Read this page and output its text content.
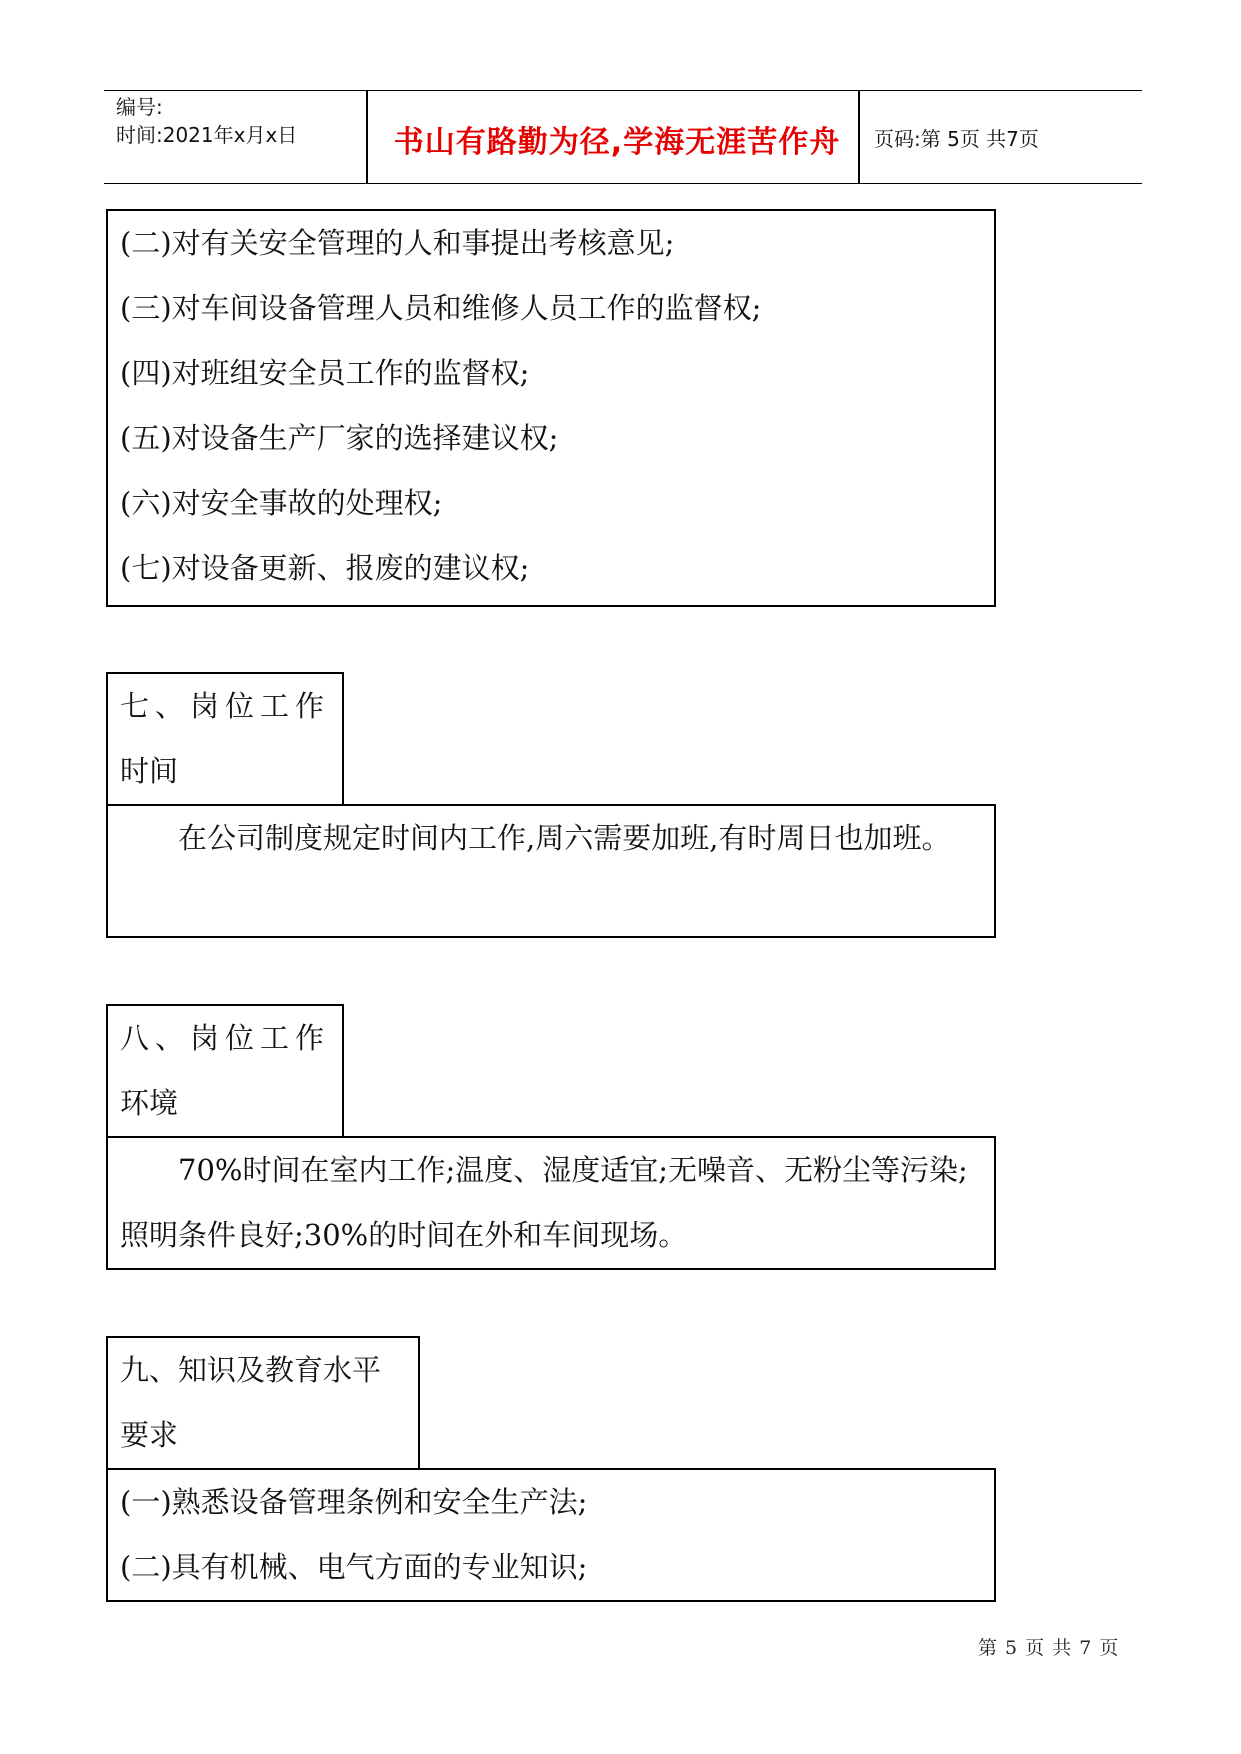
编号:
时间:2021年x月x日	书山有路勤为径,学海无涯苦作舟	页码:第 5页 共7页
(二)对有关安全管理的人和事提出考核意见;
(三)对车间设备管理人员和维修人员工作的监督权;
(四)对班组安全员工作的监督权;
(五)对设备生产厂家的选择建议权;
(六)对安全事故的处理权;
(七)对设备更新、报废的建议权;
七、岗位工作
时间
在公司制度规定时间内工作,周六需要加班,有时周日也加班。
八、岗位工作
环境
70%时间在室内工作;温度、湿度适宜;无噪音、无粉尘等污染;照明条件良好;30%的时间在外和车间现场。
九、知识及教育水平
要求
(一)熟悉设备管理条例和安全生产法;
(二)具有机械、电气方面的专业知识;
第 5 页 共 7 页
